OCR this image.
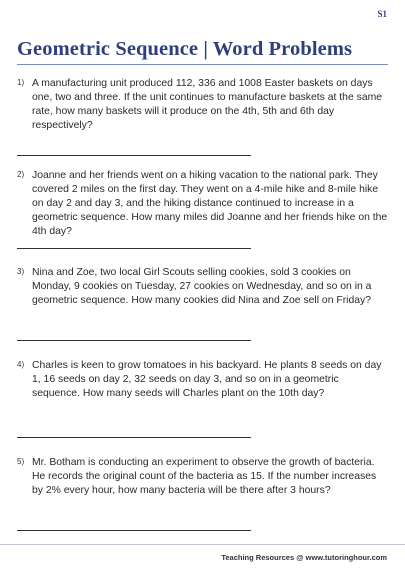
S1
Geometric Sequence | Word Problems
1) A manufacturing unit produced 112, 336 and 1008 Easter baskets on days one, two and three. If the unit continues to manufacture baskets at the same rate, how many baskets will it produce on the 4th, 5th and 6th day respectively?
2) Joanne and her friends went on a hiking vacation to the national park. They covered 2 miles on the first day. They went on a 4-mile hike and 8-mile hike on day 2 and day 3, and the hiking distance continued to increase in a geometric sequence. How many miles did Joanne and her friends hike on the 4th day?
3) Nina and Zoe, two local Girl Scouts selling cookies, sold 3 cookies on Monday, 9 cookies on Tuesday, 27 cookies on Wednesday, and so on in a geometric sequence. How many cookies did Nina and Zoe sell on Friday?
4) Charles is keen to grow tomatoes in his backyard. He plants 8 seeds on day 1, 16 seeds on day 2, 32 seeds on day 3, and so on in a geometric sequence. How many seeds will Charles plant on the 10th day?
5) Mr. Botham is conducting an experiment to observe the growth of bacteria. He records the original count of the bacteria as 15. If the number increases by 2% every hour, how many bacteria will be there after 3 hours?
Teaching Resources @ www.tutoringhour.com
